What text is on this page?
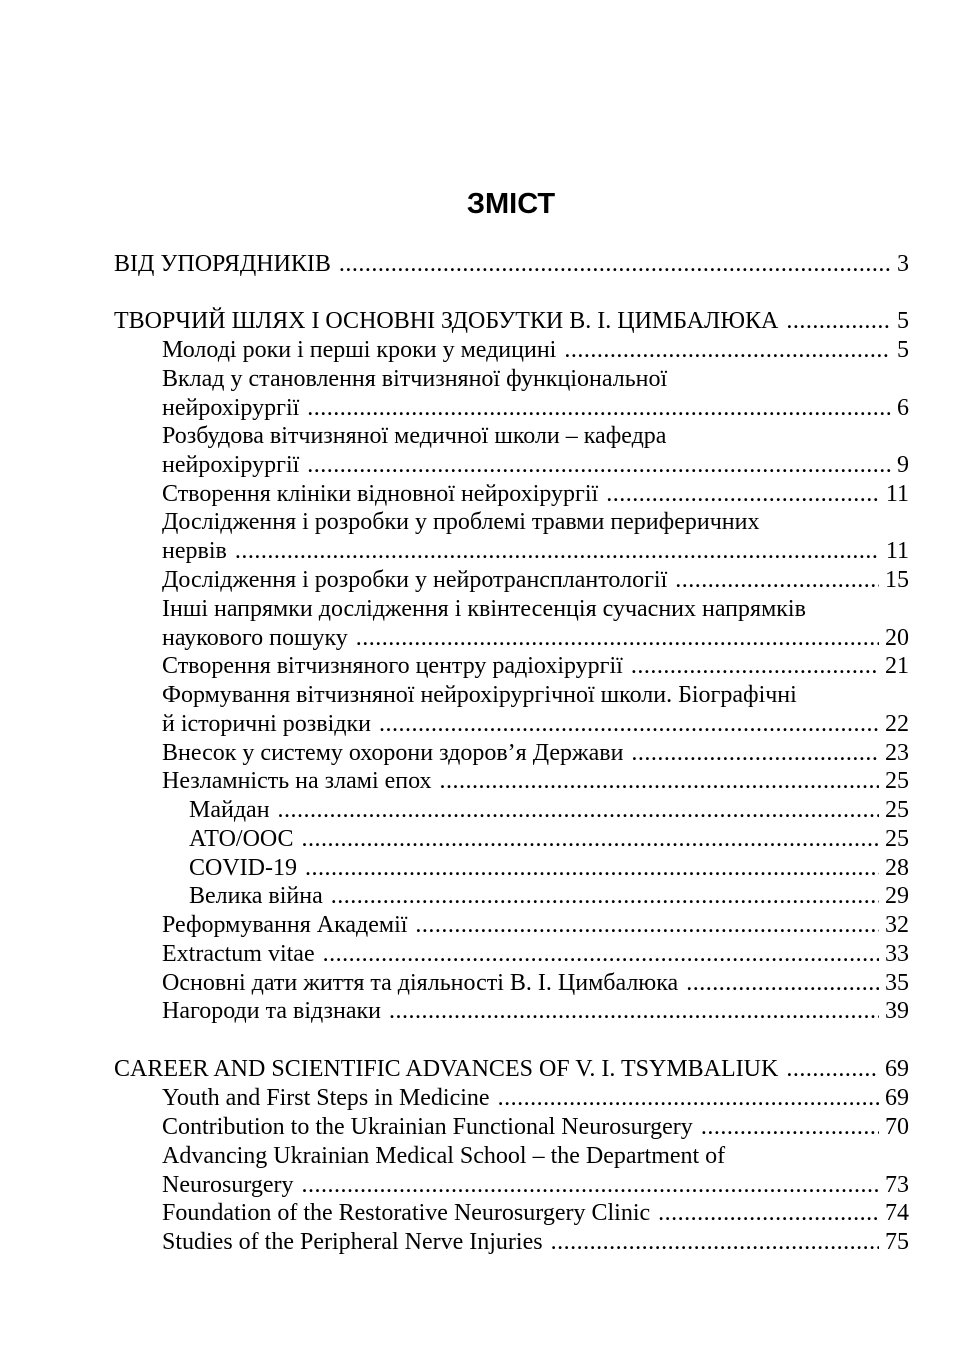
ЗМІСТ
ВІД УПОРЯДНИКІВ .....	3
ТВОРЧИЙ ШЛЯХ І ОСНОВНІ ЗДОБУТКИ В. І. ЦИМБАЛЮКА .....	5
Молоді роки і перші кроки у медицині .....	5
Вклад у становлення вітчизняної функціональної
нейрохірургії .....	6
Розбудова вітчизняної медичної школи – кафедра
нейрохірургії .....	9
Створення клініки відновної нейрохірургії .....	11
Дослідження і розробки у проблемі травми периферичних
нервів .....	11
Дослідження і розробки у нейротрансплантології .....	15
Інші напрямки дослідження і квінтесенція сучасних напрямків
наукового пошуку .....	20
Створення вітчизняного центру радіохірургії .....	21
Формування вітчизняної нейрохірургічної школи. Біографічні
й історичні розвідки .....	22
Внесок у систему охорони здоров’я Держави .....	23
Незламність на зламі епох .....	25
Майдан .....	25
АТО/ООС .....	25
COVID-19 .....	28
Велика війна .....	29
Реформування Академії .....	32
Extractum vitae .....	33
Основні дати життя та діяльності В. І. Цимбалюка .....	35
Нагороди та відзнаки .....	39
CAREER AND SCIENTIFIC ADVANCES OF V. I. TSYMBALIUK .....	69
Youth and First Steps in Medicine .....	69
Contribution to the Ukrainian Functional Neurosurgery .....	70
Advancing Ukrainian Medical School – the Department of
Neurosurgery .....	73
Foundation of the Restorative Neurosurgery Clinic .....	74
Studies of the Peripheral Nerve Injuries .....	75
